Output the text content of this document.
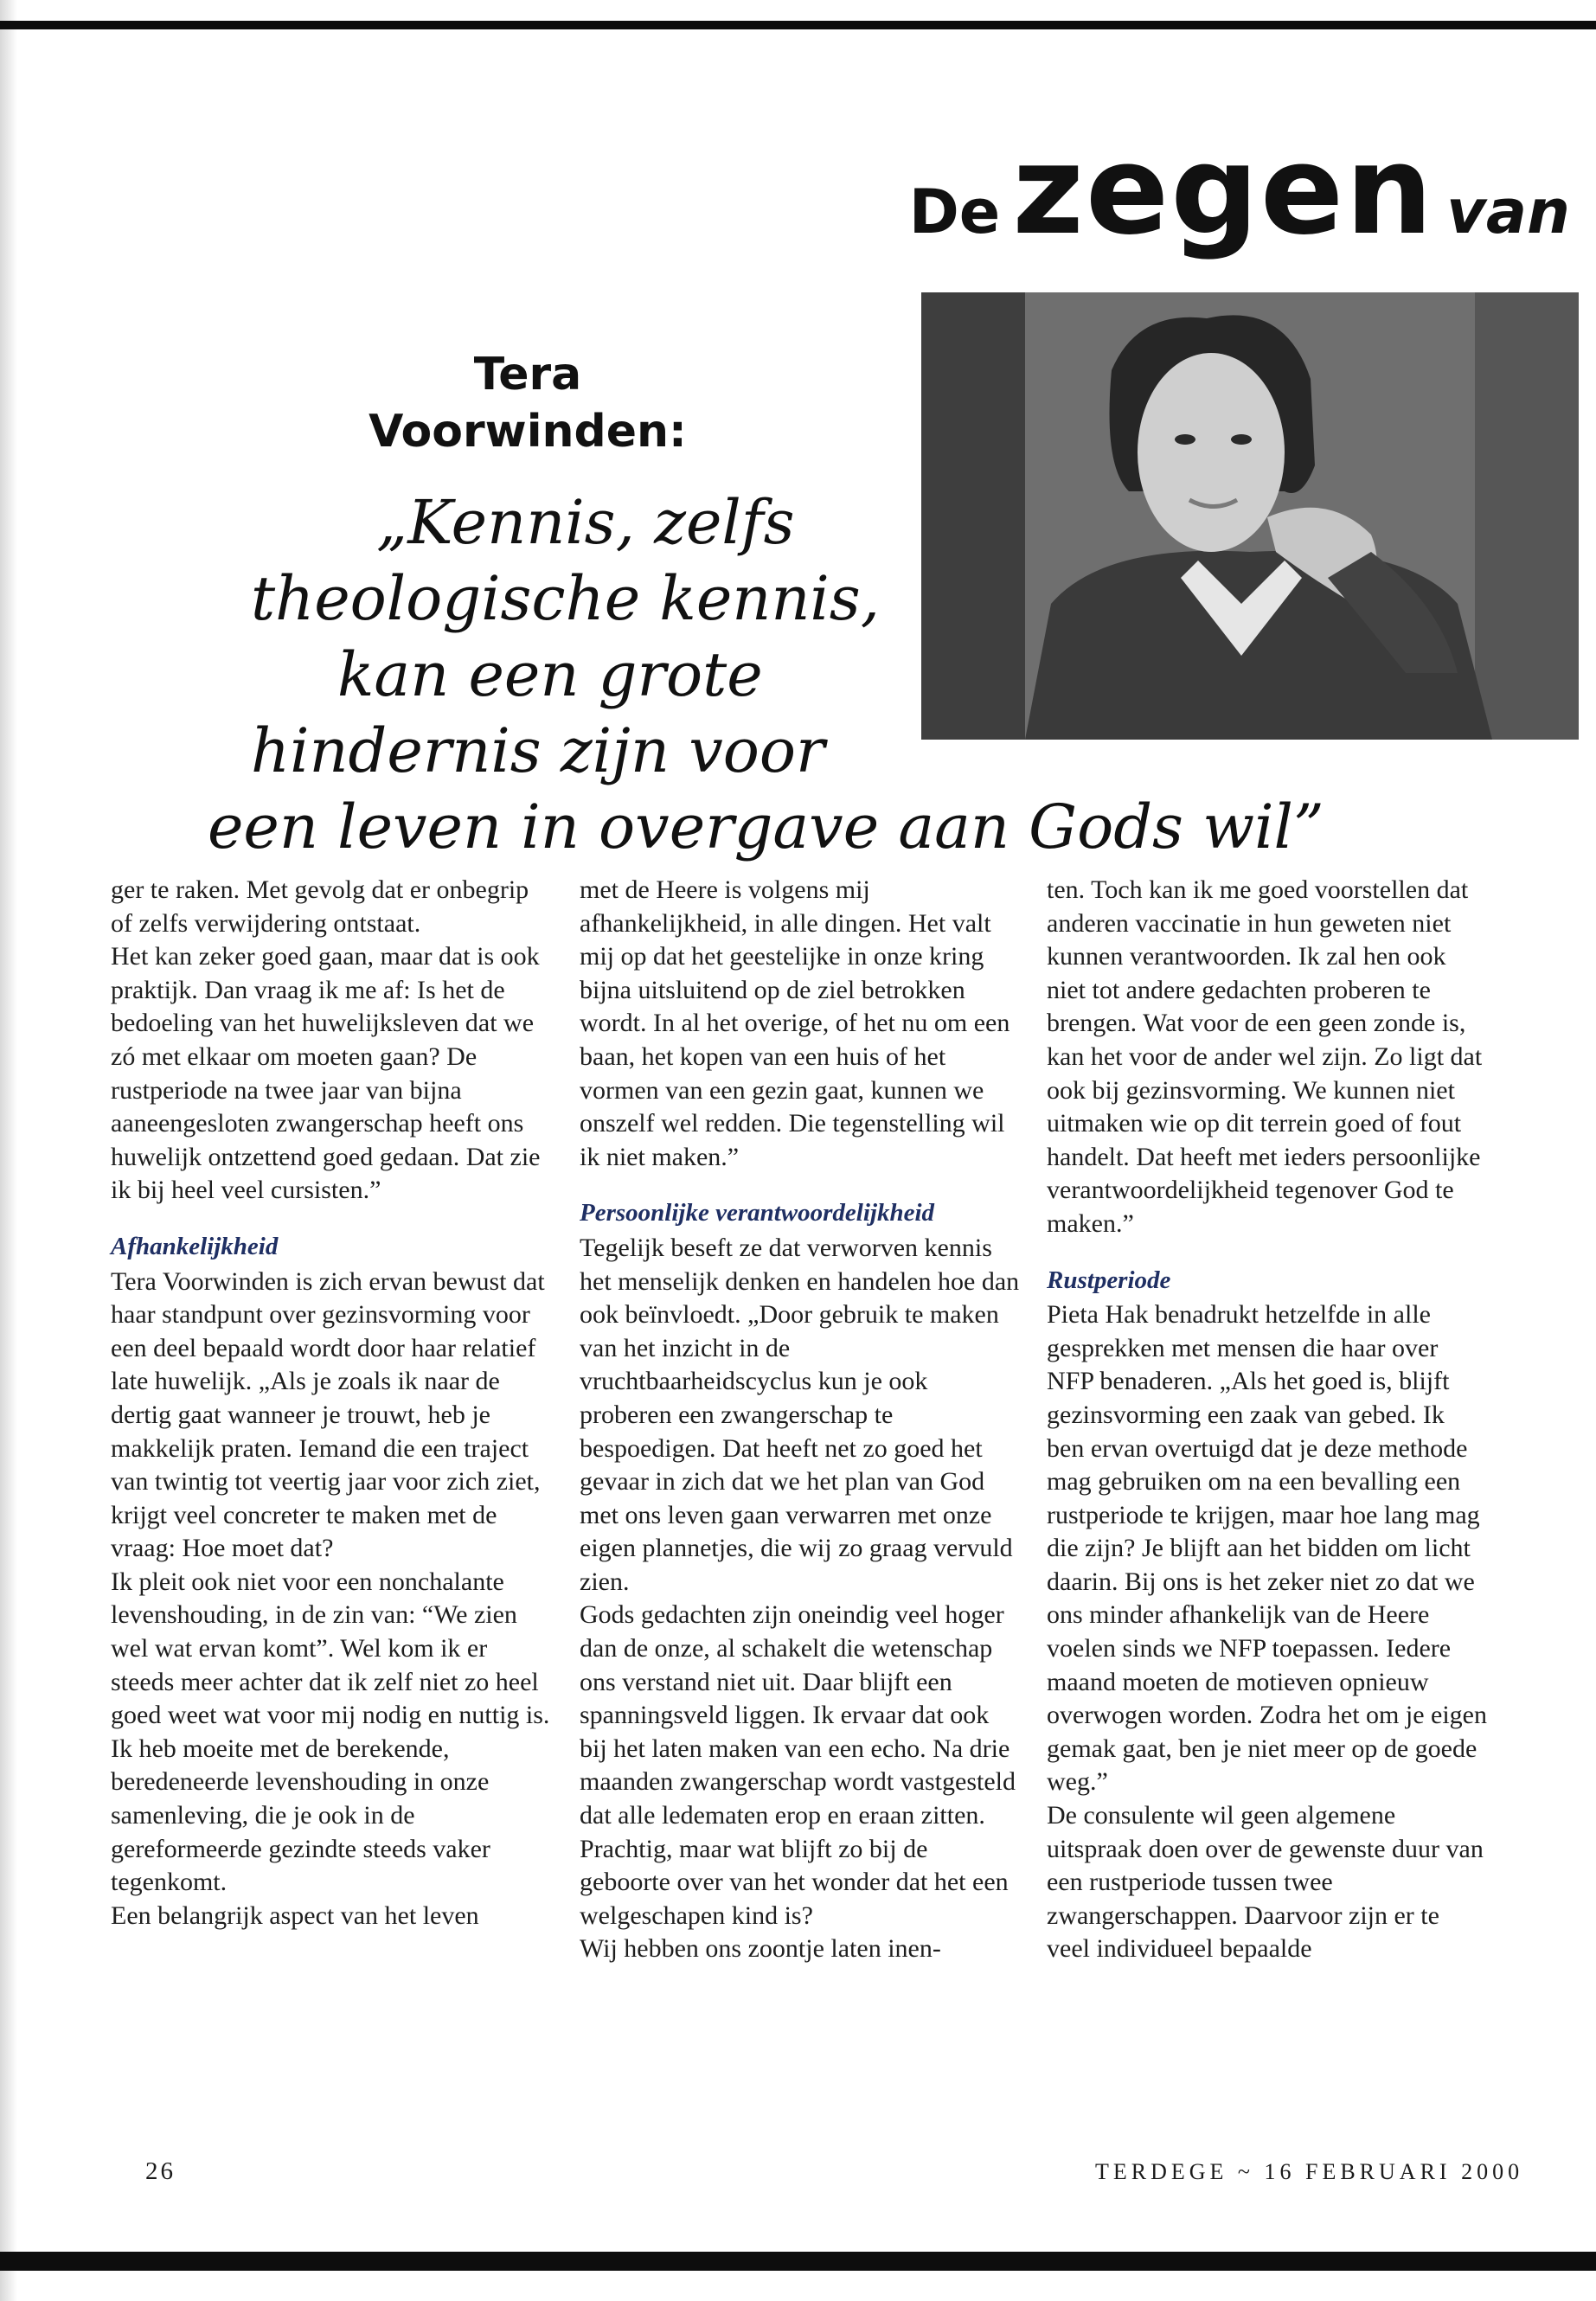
Dezegen van
Tera
Voorwinden:
„Kennis, zelfs
theologische kennis,
kan een grote
hindernis zijn voor
een leven in overgave aan Gods wil”

ger te raken. Met gevolg dat er onbegrip of zelfs verwijdering ontstaat.

Het kan zeker goed gaan, maar dat is ook praktijk. Dan vraag ik me af: Is het de bedoeling van het huwelijksleven dat we zó met elkaar om moeten gaan? De rustperiode na twee jaar van bijna aaneengesloten zwangerschap heeft ons huwelijk ontzettend goed gedaan. Dat zie ik bij heel veel cursisten.”

Afhankelijkheid

Tera Voorwinden is zich ervan bewust dat haar standpunt over gezinsvorming voor een deel bepaald wordt door haar relatief late huwelijk. „Als je zoals ik naar de dertig gaat wanneer je trouwt, heb je makkelijk praten. Iemand die een traject van twintig tot veertig jaar voor zich ziet, krijgt veel concreter te maken met de vraag: Hoe moet dat?

Ik pleit ook niet voor een nonchalante levenshouding, in de zin van: “We zien wel wat ervan komt”. Wel kom ik er steeds meer achter dat ik zelf niet zo heel goed weet wat voor mij nodig en nuttig is. Ik heb moeite met de berekende, beredeneerde levenshouding in onze samenleving, die je ook in de gereformeerde gezindte steeds vaker tegenkomt.

Een belangrijk aspect van het leven

met de Heere is volgens mij afhankelijkheid, in alle dingen. Het valt mij op dat het geestelijke in onze kring bijna uitsluitend op de ziel betrokken wordt. In al het overige, of het nu om een baan, het kopen van een huis of het vormen van een gezin gaat, kunnen we onszelf wel redden. Die tegenstelling wil ik niet maken.”

Persoonlijke verantwoordelijkheid

Tegelijk beseft ze dat verworven kennis het menselijk denken en handelen hoe dan ook beïnvloedt. „Door gebruik te maken van het inzicht in de vruchtbaarheidscyclus kun je ook proberen een zwangerschap te bespoedigen. Dat heeft net zo goed het gevaar in zich dat we het plan van God met ons leven gaan verwarren met onze eigen plannetjes, die wij zo graag vervuld zien.

Gods gedachten zijn oneindig veel hoger dan de onze, al schakelt die wetenschap ons verstand niet uit. Daar blijft een spanningsveld liggen. Ik ervaar dat ook bij het laten maken van een echo. Na drie maanden zwangerschap wordt vastgesteld dat alle ledematen erop en eraan zitten. Prachtig, maar wat blijft zo bij de geboorte over van het wonder dat het een welgeschapen kind is?

Wij hebben ons zoontje laten inen-

ten. Toch kan ik me goed voorstellen dat anderen vaccinatie in hun geweten niet kunnen verantwoorden. Ik zal hen ook niet tot andere gedachten proberen te brengen. Wat voor de een geen zonde is, kan het voor de ander wel zijn. Zo ligt dat ook bij gezinsvorming. We kunnen niet uitmaken wie op dit terrein goed of fout handelt. Dat heeft met ieders persoonlijke verantwoordelijkheid tegenover God te maken.”

Rustperiode

Pieta Hak benadrukt hetzelfde in alle gesprekken met mensen die haar over NFP benaderen. „Als het goed is, blijft gezinsvorming een zaak van gebed. Ik ben ervan overtuigd dat je deze methode mag gebruiken om na een bevalling een rustperiode te krijgen, maar hoe lang mag die zijn? Je blijft aan het bidden om licht daarin. Bij ons is het zeker niet zo dat we ons minder afhankelijk van de Heere voelen sinds we NFP toepassen. Iedere maand moeten de motieven opnieuw overwogen worden. Zodra het om je eigen gemak gaat, ben je niet meer op de goede weg.”

De consulente wil geen algemene uitspraak doen over de gewenste duur van een rustperiode tussen twee zwangerschappen. Daarvoor zijn er te veel individueel bepaalde

26	TERDEGE ~ 16 FEBRUARI 2000
